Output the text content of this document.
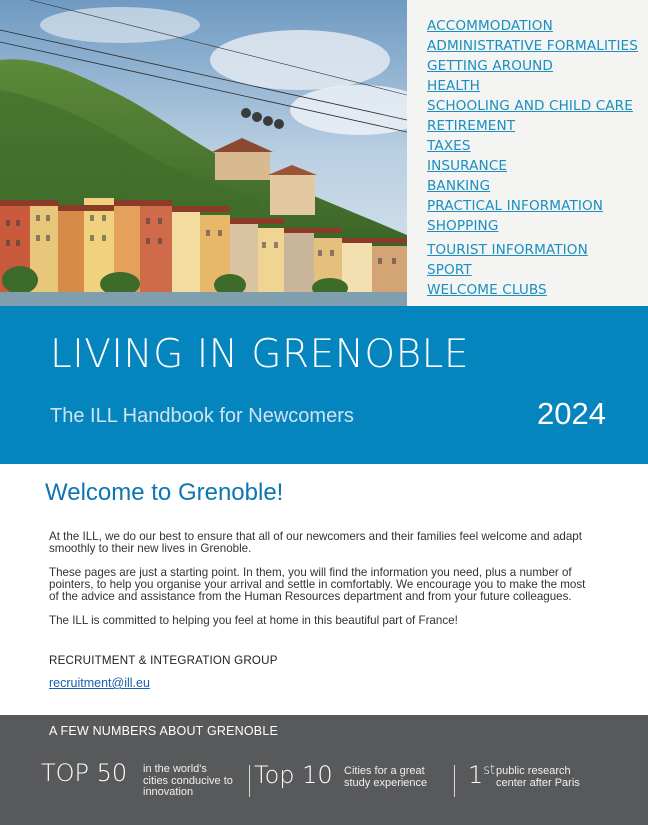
ACCOMMODATION
ADMINISTRATIVE FORMALITIES
GETTING AROUND
HEALTH
SCHOOLING AND CHILD CARE
RETIREMENT
TAXES
INSURANCE
BANKING
PRACTICAL INFORMATION
SHOPPING
TOURIST INFORMATION
SPORT
WELCOME CLUBS
LIVING IN GRENOBLE
The ILL Handbook for Newcomers	2024
Welcome to Grenoble!

At the ILL, we do our best to ensure that all of our newcomers and their families feel welcome and adapt smoothly to their new lives in Grenoble.

These pages are just a starting point. In them, you will find the information you need, plus a number of pointers, to help you organise your arrival and settle in comfortably. We encourage you to make the most of the advice and assistance from the Human Resources department and from your future colleagues.

The ILL is committed to helping you feel at home in this beautiful part of France!

RECRUITMENT & INTEGRATION GROUP
recruitment@ill.eu
A FEW NUMBERS ABOUT GRENOBLE
TOP 50 in the world's
cities conducive to
innovation
Top 10 Cities for a great
study experience 1st public research
center after Paris
